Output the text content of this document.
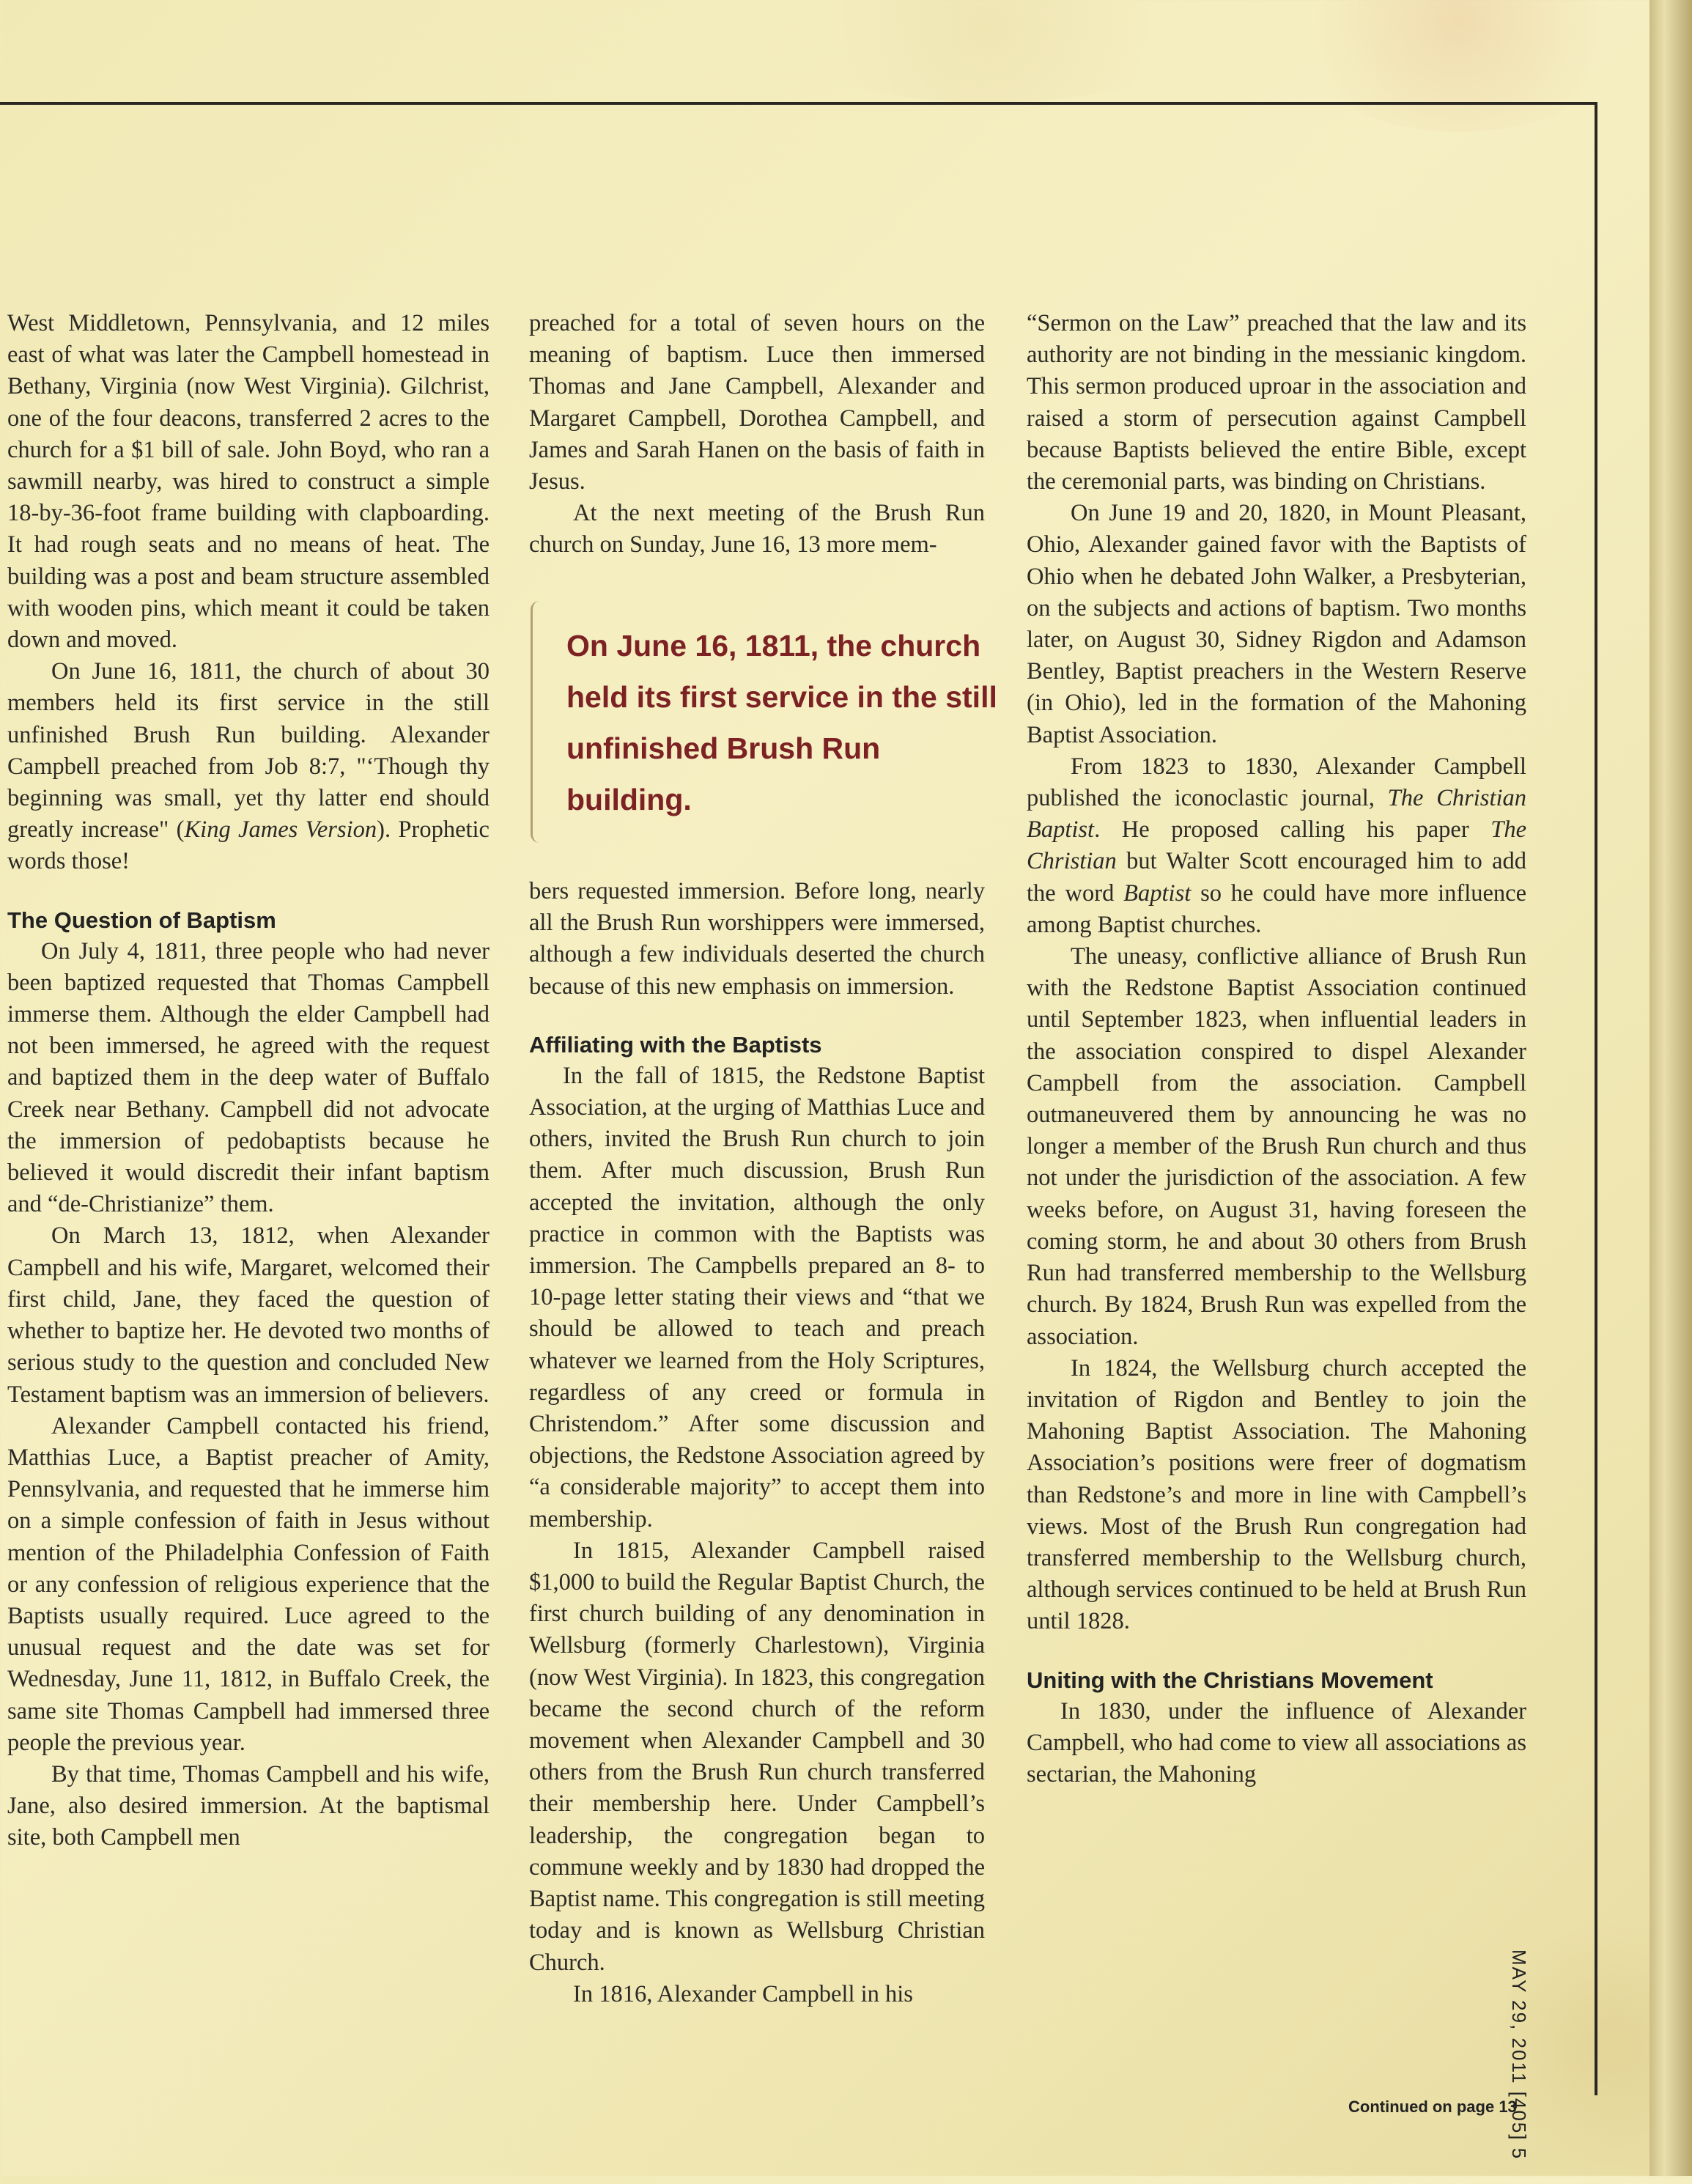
West Middletown, Pennsylvania, and 12 miles east of what was later the Campbell homestead in Bethany, Virginia (now West Virginia). Gilchrist, one of the four deacons, transferred 2 acres to the church for a $1 bill of sale. John Boyd, who ran a sawmill nearby, was hired to construct a simple 18-by-36-foot frame building with clapboarding. It had rough seats and no means of heat. The building was a post and beam structure assembled with wooden pins, which meant it could be taken down and moved.

On June 16, 1811, the church of about 30 members held its first service in the still unfinished Brush Run building. Alexander Campbell preached from Job 8:7, "‘Though thy beginning was small, yet thy latter end should greatly increase" (King James Version). Prophetic words those!

The Question of Baptism

On July 4, 1811, three people who had never been baptized requested that Thomas Campbell immerse them. Although the elder Campbell had not been immersed, he agreed with the request and baptized them in the deep water of Buffalo Creek near Bethany. Campbell did not advocate the immersion of pedobaptists because he believed it would discredit their infant baptism and “de-Christianize” them.

On March 13, 1812, when Alexander Campbell and his wife, Margaret, welcomed their first child, Jane, they faced the question of whether to baptize her. He devoted two months of serious study to the question and concluded New Testament baptism was an immersion of believers.

Alexander Campbell contacted his friend, Matthias Luce, a Baptist preacher of Amity, Pennsylvania, and requested that he immerse him on a simple confession of faith in Jesus without mention of the Philadelphia Confession of Faith or any confession of religious experience that the Baptists usually required. Luce agreed to the unusual request and the date was set for Wednesday, June 11, 1812, in Buffalo Creek, the same site Thomas Campbell had immersed three people the previous year.

By that time, Thomas Campbell and his wife, Jane, also desired immersion. At the baptismal site, both Campbell men

preached for a total of seven hours on the meaning of baptism. Luce then immersed Thomas and Jane Campbell, Alexander and Margaret Campbell, Dorothea Campbell, and James and Sarah Hanen on the basis of faith in Jesus.

At the next meeting of the Brush Run church on Sunday, June 16, 13 more mem-

On June 16, 1811, the church held its first service in the still unfinished Brush Run building.

bers requested immersion. Before long, nearly all the Brush Run worshippers were immersed, although a few individuals deserted the church because of this new emphasis on immersion.

Affiliating with the Baptists

In the fall of 1815, the Redstone Baptist Association, at the urging of Matthias Luce and others, invited the Brush Run church to join them. After much discussion, Brush Run accepted the invitation, although the only practice in common with the Baptists was immersion. The Campbells prepared an 8- to 10-page letter stating their views and “that we should be allowed to teach and preach whatever we learned from the Holy Scriptures, regardless of any creed or formula in Christendom.” After some discussion and objections, the Redstone Association agreed by “a considerable majority” to accept them into membership.

In 1815, Alexander Campbell raised $1,000 to build the Regular Baptist Church, the first church building of any denomination in Wellsburg (formerly Charlestown), Virginia (now West Virginia). In 1823, this congregation became the second church of the reform movement when Alexander Campbell and 30 others from the Brush Run church transferred their membership here. Under Campbell’s leadership, the congregation began to commune weekly and by 1830 had dropped the Baptist name. This congregation is still meeting today and is known as Wellsburg Christian Church.

In 1816, Alexander Campbell in his

“Sermon on the Law” preached that the law and its authority are not binding in the messianic kingdom. This sermon produced uproar in the association and raised a storm of persecution against Campbell because Baptists believed the entire Bible, except the ceremonial parts, was binding on Christians.

On June 19 and 20, 1820, in Mount Pleasant, Ohio, Alexander gained favor with the Baptists of Ohio when he debated John Walker, a Presbyterian, on the subjects and actions of baptism. Two months later, on August 30, Sidney Rigdon and Adamson Bentley, Baptist preachers in the Western Reserve (in Ohio), led in the formation of the Mahoning Baptist Association.

From 1823 to 1830, Alexander Campbell published the iconoclastic journal, The Christian Baptist. He proposed calling his paper The Christian but Walter Scott encouraged him to add the word Baptist so he could have more influence among Baptist churches.

The uneasy, conflictive alliance of Brush Run with the Redstone Baptist Association continued until September 1823, when influential leaders in the association conspired to dispel Alexander Campbell from the association. Campbell outmaneuvered them by announcing he was no longer a member of the Brush Run church and thus not under the jurisdiction of the association. A few weeks before, on August 31, having foreseen the coming storm, he and about 30 others from Brush Run had transferred membership to the Wellsburg church. By 1824, Brush Run was expelled from the association.

In 1824, the Wellsburg church accepted the invitation of Rigdon and Bentley to join the Mahoning Baptist Association. The Mahoning Association’s positions were freer of dogmatism than Redstone’s and more in line with Campbell’s views. Most of the Brush Run congregation had transferred membership to the Wellsburg church, although services continued to be held at Brush Run until 1828.

Uniting with the Christians Movement

In 1830, under the influence of Alexander Campbell, who had come to view all associations as sectarian, the Mahoning

Continued on page 13
MAY 29, 2011 [405] 5
